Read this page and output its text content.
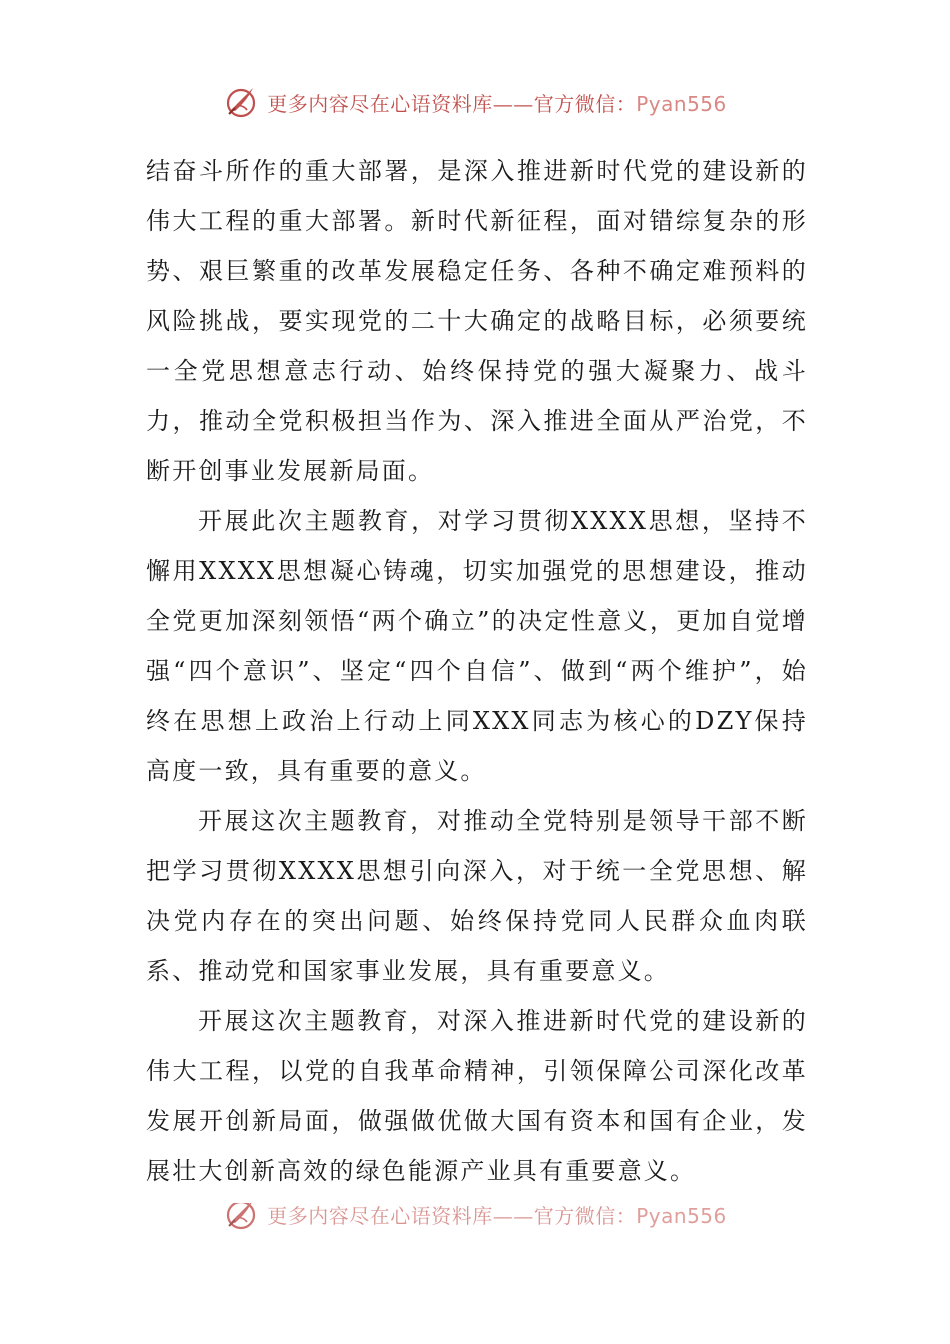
更多内容尽在心语资料库——官方微信：Pyan556

结奋斗所作的重大部署，是深入推进新时代党的建设新的伟大工程的重大部署。新时代新征程，面对错综复杂的形势、艰巨繁重的改革发展稳定任务、各种不确定难预料的风险挑战，要实现党的二十大确定的战略目标，必须要统一全党思想意志行动、始终保持党的强大凝聚力、战斗力，推动全党积极担当作为、深入推进全面从严治党，不断开创事业发展新局面。

开展此次主题教育，对学习贯彻XXXX思想，坚持不懈用XXXX思想凝心铸魂，切实加强党的思想建设，推动全党更加深刻领悟“两个确立”的决定性意义，更加自觉增强“四个意识”、坚定“四个自信”、做到“两个维护”，始终在思想上政治上行动上同XXX同志为核心的DZY保持高度一致，具有重要的意义。

开展这次主题教育，对推动全党特别是领导干部不断把学习贯彻XXXX思想引向深入，对于统一全党思想、解决党内存在的突出问题、始终保持党同人民群众血肉联系、推动党和国家事业发展，具有重要意义。

开展这次主题教育，对深入推进新时代党的建设新的伟大工程，以党的自我革命精神，引领保障公司深化改革发展开创新局面，做强做优做大国有资本和国有企业，发展壮大创新高效的绿色能源产业具有重要意义。

更多内容尽在心语资料库——官方微信：Pyan556
